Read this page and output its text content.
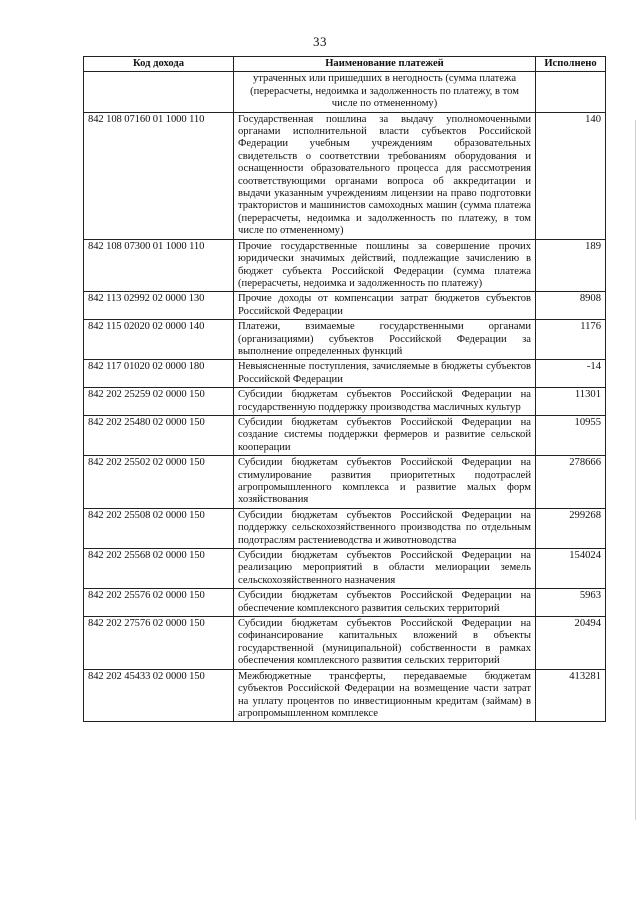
33
Код дохода	Наименование платежей	Исполнено
	утраченных или пришедших в негодность (сумма платежа (перерасчеты, недоимка и задолженность по платежу, в том числе по отмененному)	
842 108 07160 01 1000 110	Государственная пошлина за выдачу уполномоченными органами исполнительной власти субъектов Российской Федерации учебным учреждениям образовательных свидетельств о соответствии требованиям оборудования и оснащенности образовательного процесса для рассмотрения соответствующими органами вопроса об аккредитации и выдачи указанным учреждениям лицензии на право подготовки трактористов и машинистов самоходных машин (сумма платежа (перерасчеты, недоимка и задолженность по платежу, в том числе по отмененному)	140
842 108 07300 01 1000 110	Прочие государственные пошлины за совершение прочих юридически значимых действий, подлежащие зачислению в бюджет субъекта Российской Федерации (сумма платежа (перерасчеты, недоимка и задолженность по платежу)	189
842 113 02992 02 0000 130	Прочие доходы от компенсации затрат бюджетов субъектов Российской Федерации	8908
842 115 02020 02 0000 140	Платежи, взимаемые государственными органами (организациями) субъектов Российской Федерации за выполнение определенных функций	1176
842 117 01020 02 0000 180	Невыясненные поступления, зачисляемые в бюджеты субъектов Российской Федерации	-14
842 202 25259 02 0000 150	Субсидии бюджетам субъектов Российской Федерации на государственную поддержку производства масличных культур	11301
842 202 25480 02 0000 150	Субсидии бюджетам субъектов Российской Федерации на создание системы поддержки фермеров и развитие сельской кооперации	10955
842 202 25502 02 0000 150	Субсидии бюджетам субъектов Российской Федерации на стимулирование развития приоритетных подотраслей агропромышленного комплекса и развитие малых форм хозяйствования	278666
842 202 25508 02 0000 150	Субсидии бюджетам субъектов Российской Федерации на поддержку сельскохозяйственного производства по отдельным подотраслям растениеводства и животноводства	299268
842 202 25568 02 0000 150	Субсидии бюджетам субъектов Российской Федерации на реализацию мероприятий в области мелиорации земель сельскохозяйственного назначения	154024
842 202 25576 02 0000 150	Субсидии бюджетам субъектов Российской Федерации на обеспечение комплексного развития сельских территорий	5963
842 202 27576 02 0000 150	Субсидии бюджетам субъектов Российской Федерации на софинансирование капитальных вложений в объекты государственной (муниципальной) собственности в рамках обеспечения комплексного развития сельских территорий	20494
842 202 45433 02 0000 150	Межбюджетные трансферты, передаваемые бюджетам субъектов Российской Федерации на возмещение части затрат на уплату процентов по инвестиционным кредитам (займам) в агропромышленном комплексе	413281
